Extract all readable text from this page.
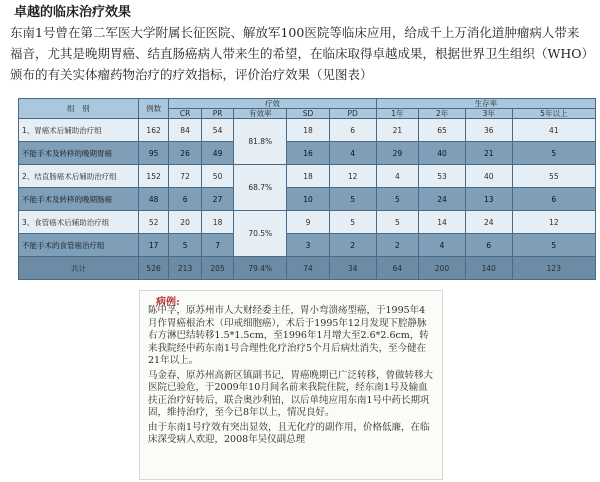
卓越的临床治疗效果
东南1号曾在第二军医大学附属长征医院、解放军100医院等临床应用，给成千上万消化道肿瘤病人带来福音，尤其是晚期胃癌、结直肠癌病人带来生的希望，在临床取得卓越成果，根据世界卫生组织（WHO）颁布的有关实体瘤药物治疗的疗效指标，评价治疗效果（见图表）
组　别	例数	疗效					生存率			
		CR	PR	有效率	SD	PD	1年	2年	3年	5年以上
1、胃癌术后辅助治疗组	162	84	54	81.8%	18	6	21	65	36	41
不能手术及转移的晚期胃癌	95	26	49		16	4	29	40	21	5
2、结直肠癌术后辅助治疗组	152	72	50	68.7%	18	12	4	53	40	55
不能手术及转移的晚期肠癌	48	6	27		10	5	5	24	13	6
3、食管癌术后辅助治疗组	52	20	18	70.5%	9	5	5	14	24	12
不能手术的食管癌治疗组	17	5	7		3	2	2	4	6	5
共计	526	213	205	79.4%	74	34	64	200	140	123
病例:

陈中孚，原苏州市人大财经委主任，胃小弯溃疡型癌，于1995年4月作胃癌根治术（印戒细胞癌），术后于1995年12月发现下腔静脉右方淋巴结转移1.5*1.5cm，至1996年1月增大至2.6*2.6cm，转来我院经中药东南1号合理性化疗治疗5个月后病灶消失，至今健在21年以上。

马金春，原苏州高新区镇副书记，胃癌晚期已广泛转移，曾做转移大医院已验危，于2009年10月间名前来我院住院，经东南1号及输血扶正治疗好转后，联合奥沙利铂，以后单纯应用东南1号中药长期巩固，维持治疗，至今已8年以上，情况良好。

由于东南1号疗效有突出显效，且无化疗的副作用，价格低廉，在临床深受病人欢迎，2008年吴仪副总理
